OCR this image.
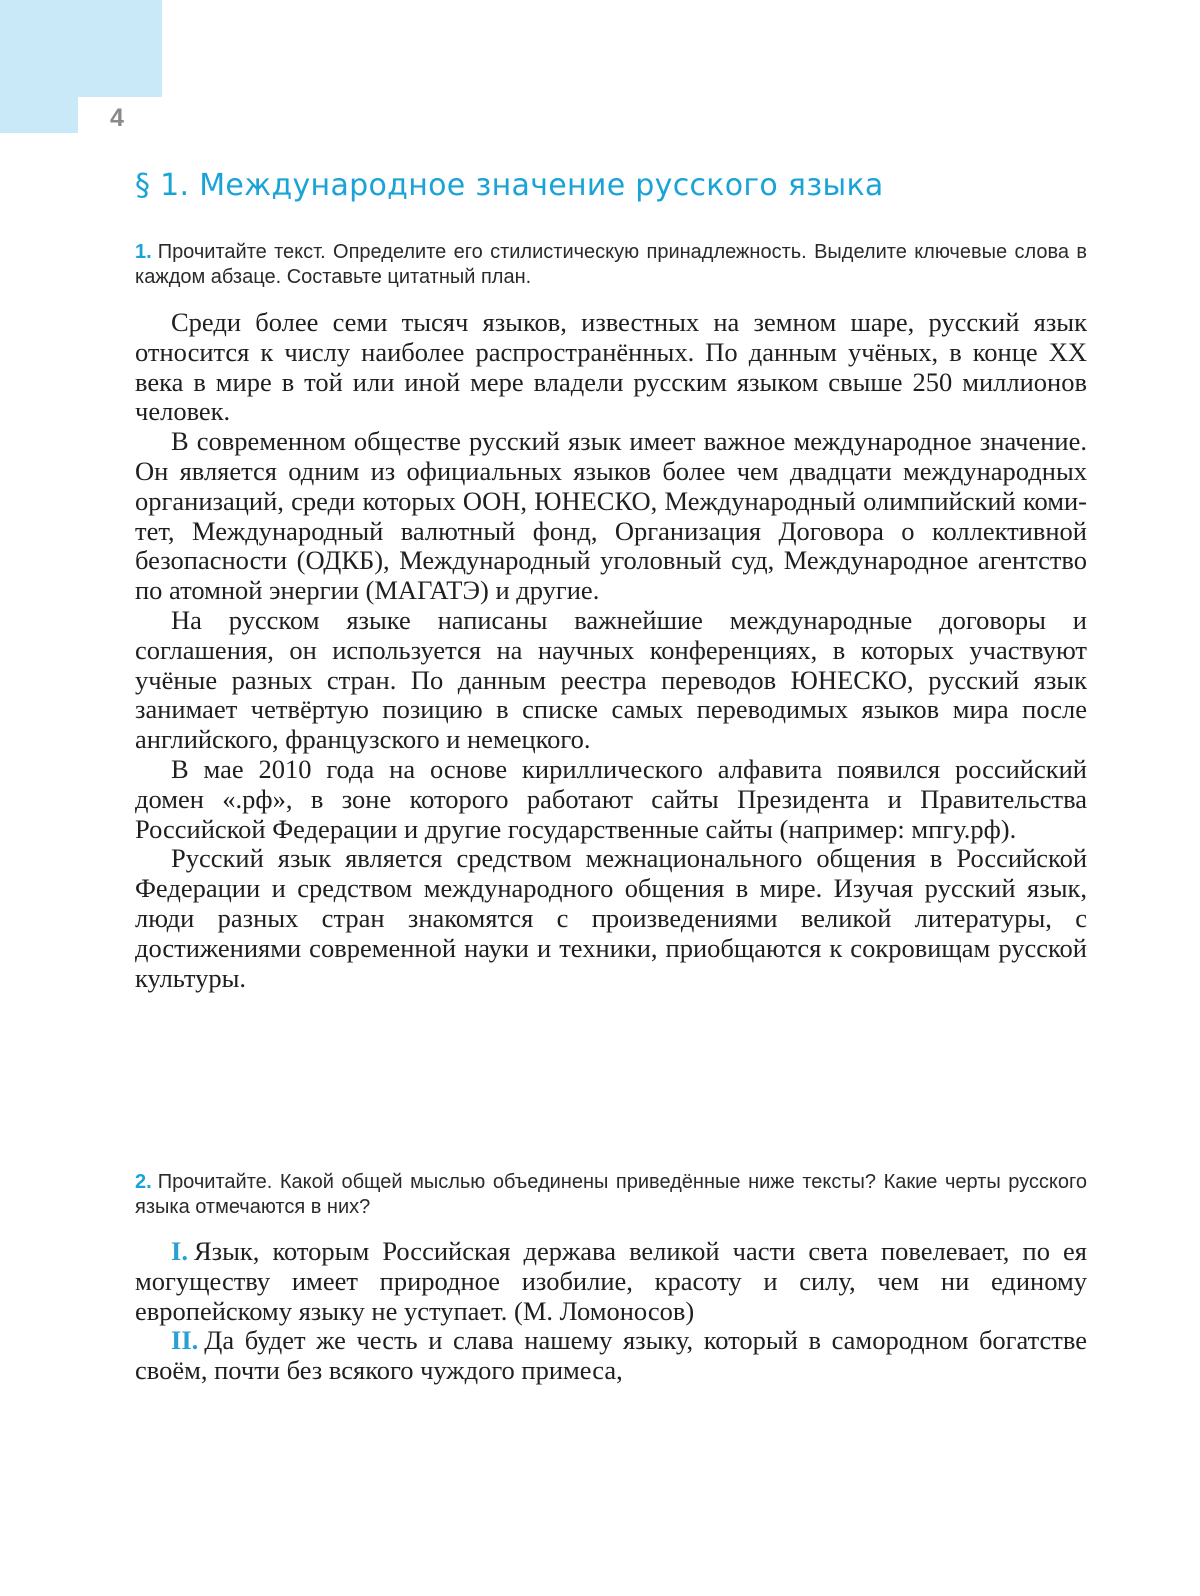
4
§ 1. Международное значение русского языка

1. Прочитайте текст. Определите его стилистическую принадлежность. Выделите ключевые слова в каждом абзаце. Составьте цитатный план.

Среди более семи тысяч языков, известных на земном шаре, русский язык относится к числу наиболее распространённых. По данным учёных, в конце XX века в мире в той или иной мере владели русским языком свыше 250 миллионов человек.

В современном обществе русский язык имеет важное международное значение. Он является одним из официальных языков более чем двадцати международных организаций, среди которых ООН, ЮНЕСКО, Международный олимпийский комитет, Международный валютный фонд, Организация Договора о коллективной безопасности (ОДКБ), Международный уголовный суд, Международное агентство по атомной энергии (МАГАТЭ) и другие.

На русском языке написаны важнейшие международные договоры и соглашения, он используется на научных конференциях, в которых участвуют учёные разных стран. По данным реестра переводов ЮНЕСКО, русский язык занимает четвёртую позицию в списке самых переводимых языков мира после английского, французского и немецкого.

В мае 2010 года на основе кириллического алфавита появился российский домен «.рф», в зоне которого работают сайты Президента и Правительства Российской Федерации и другие государственные сайты (например: мпгу.рф).

Русский язык является средством межнационального общения в Российской Федерации и средством международного общения в мире. Изучая русский язык, люди разных стран знакомятся с произведениями великой литературы, с достижениями современной науки и техники, приобщаются к сокровищам русской культуры.

2. Прочитайте. Какой общей мыслью объединены приведённые ниже тексты? Какие черты русского языка отмечаются в них?

I. Язык, которым Российская держава великой части света повелевает, по ея могуществу имеет природное изобилие, красоту и силу, чем ни единому европейскому языку не уступает. (М. Ломоносов)

II. Да будет же честь и слава нашему языку, который в самородном богатстве своём, почти без всякого чуждого примеса,
